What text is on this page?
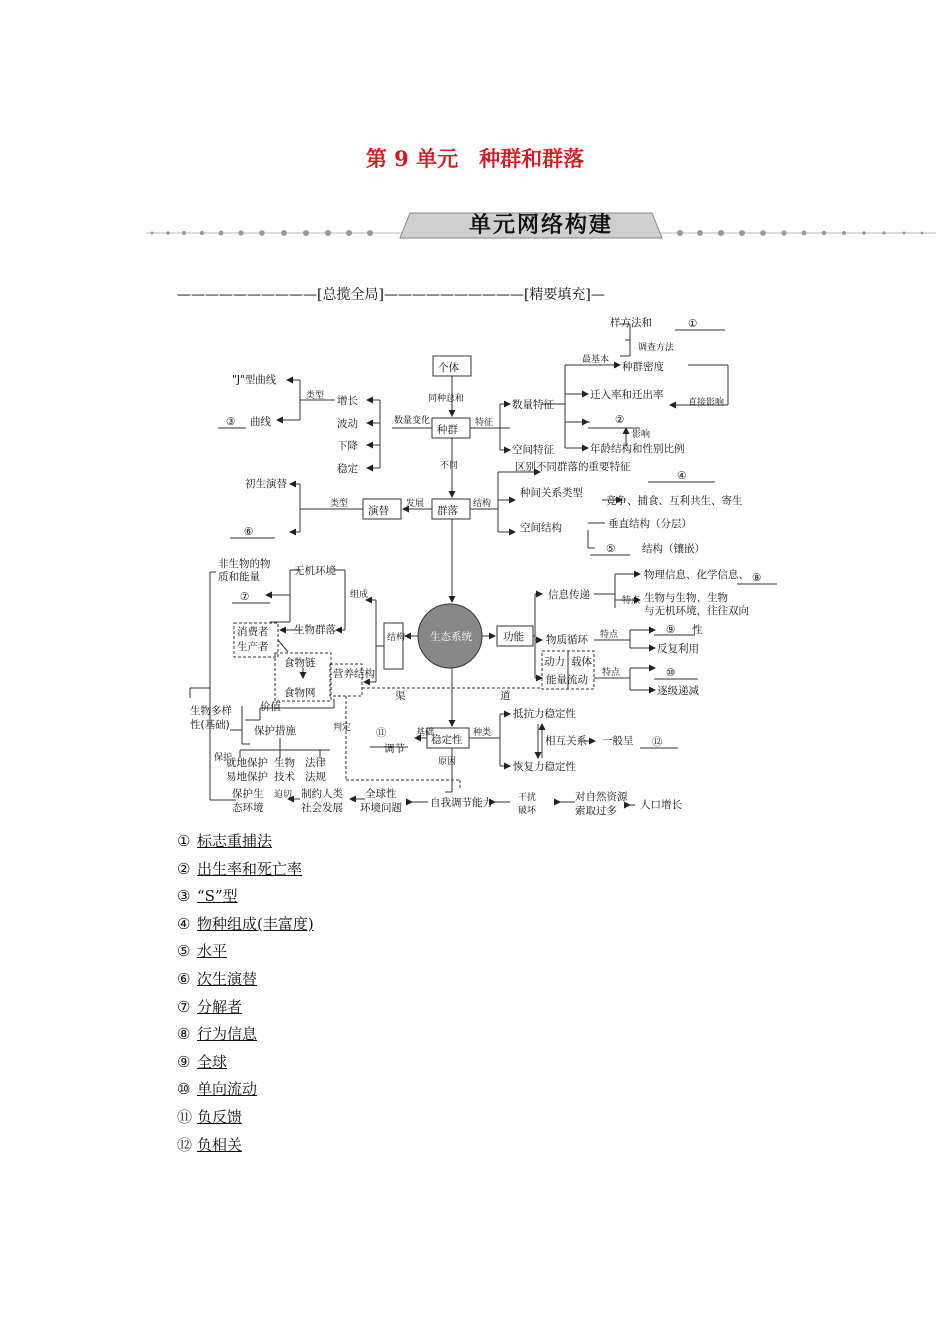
第 9 单元　种群和群落
单元网络构建
——————————[总揽全局]——————————[精要填充]—
个体
同种总和
种群
特征
数量特征
空间特征
最基本
种群密度
调查方法
样方法和	①
迁入率和迁出率
直接影响
②
影响
年龄结构和性别比例
数量变化
类型
"J"型曲线
③ 曲线
增长
波动
下降
稳定	不同	区别不同群落的重要特征
④
群落
结构
种间关系类型
竞争、捕食、互利共生、寄生
空间结构	垂直结构（分层）
⑤	结构（镶嵌）
演替
发展
类型
初生演替
⑥
非生物的物
质和能量	无机环境
组成
⑦
生物群落
消费者
生产者
食物链
食物网
营养结构
结构 生态系统	功能
渠	道
信息传递
物理信息、化学信息、 ⑧
生物与生物、生物
与无机环境，往往双向
特点
物质循环 特点	⑨ 性
反复利用
动力 载体
能量流动
特点	⑩
逐级递减
价值
生物多样
性(基础) 保护措施
保护
就地保护
易地保护
生物
技术
法律
法规
保护生
态环境
迫切 制约人类
社会发展
全球性
环境问题
判定 ⑪
调节
基础
稳定性
种类
原因
抵抗力稳定性
相互关系 一般呈 ⑫
恢复力稳定性
自我调节能力	干扰
破坏
对自然资源
索取过多 人口增长
① 标志重捕法
② 出生率和死亡率
③ “S”型
④ 物种组成(丰富度)
⑤ 水平
⑥ 次生演替
⑦ 分解者
⑧ 行为信息
⑨ 全球
⑩ 单向流动
⑪ 负反馈
⑫ 负相关
